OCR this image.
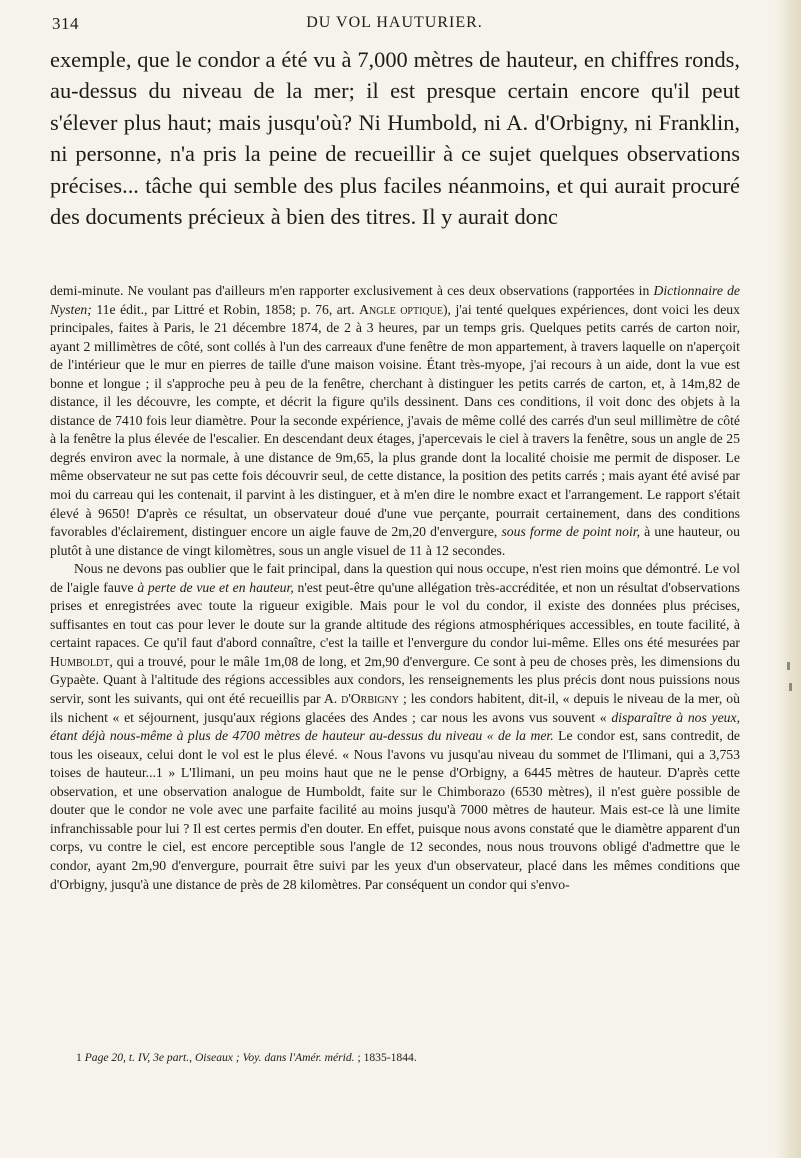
314	DU VOL HAUTURIER.

exemple, que le condor a été vu à 7,000 mètres de hauteur, en chiffres ronds, au-dessus du niveau de la mer; il est presque certain encore qu'il peut s'élever plus haut; mais jusqu'où? Ni Humbold, ni A. d'Orbigny, ni Franklin, ni personne, n'a pris la peine de recueillir à ce sujet quelques observations précises... tâche qui semble des plus faciles néanmoins, et qui aurait procuré des documents précieux à bien des titres. Il y aurait donc

demi-minute. Ne voulant pas d'ailleurs m'en rapporter exclusivement à ces deux observations (rapportées in Dictionnaire de Nysten; 11e édit., par Littré et Robin, 1858; p. 76, art. Angle optique), j'ai tenté quelques expériences, dont voici les deux principales, faites à Paris, le 21 décembre 1874, de 2 à 3 heures, par un temps gris. Quelques petits carrés de carton noir, ayant 2 millimètres de côté, sont collés à l'un des carreaux d'une fenêtre de mon appartement, à travers laquelle on n'aperçoit de l'intérieur que le mur en pierres de taille d'une maison voisine. Étant très-myope, j'ai recours à un aide, dont la vue est bonne et longue ; il s'approche peu à peu de la fenêtre, cherchant à distinguer les petits carrés de carton, et, à 14m,82 de distance, il les découvre, les compte, et décrit la figure qu'ils dessinent. Dans ces conditions, il voit donc des objets à la distance de 7410 fois leur diamètre. Pour la seconde expérience, j'avais de même collé des carrés d'un seul millimètre de côté à la fenêtre la plus élevée de l'escalier. En descendant deux étages, j'apercevais le ciel à travers la fenêtre, sous un angle de 25 degrés environ avec la normale, à une distance de 9m,65, la plus grande dont la localité choisie me permit de disposer. Le même observateur ne sut pas cette fois découvrir seul, de cette distance, la position des petits carrés ; mais ayant été avisé par moi du carreau qui les contenait, il parvint à les distinguer, et à m'en dire le nombre exact et l'arrangement. Le rapport s'était élevé à 9650! D'après ce résultat, un observateur doué d'une vue perçante, pourrait certainement, dans des conditions favorables d'éclairement, distinguer encore un aigle fauve de 2m,20 d'envergure, sous forme de point noir, à une hauteur, ou plutôt à une distance de vingt kilomètres, sous un angle visuel de 11 à 12 secondes.

Nous ne devons pas oublier que le fait principal, dans la question qui nous occupe, n'est rien moins que démontré. Le vol de l'aigle fauve à perte de vue et en hauteur, n'est peut-être qu'une allégation très-accréditée, et non un résultat d'observations prises et enregistrées avec toute la rigueur exigible. Mais pour le vol du condor, il existe des données plus précises, suffisantes en tout cas pour lever le doute sur la grande altitude des régions atmosphériques accessibles, en toute facilité, à certaint rapaces. Ce qu'il faut d'abord connaître, c'est la taille et l'envergure du condor lui-même. Elles ons été mesurées par Humboldt, qui a trouvé, pour le mâle 1m,08 de long, et 2m,90 d'envergure. Ce sont à peu de choses près, les dimensions du Gypaète. Quant à l'altitude des régions accessibles aux condors, les renseignements les plus précis dont nous puissions nous servir, sont les suivants, qui ont été recueillis par A. d'Orbigny ; les condors habitent, dit-il, « depuis le niveau de la mer, où ils nichent « et séjournent, jusqu'aux régions glacées des Andes ; car nous les avons vus souvent « disparaître à nos yeux, étant déjà nous-même à plus de 4700 mètres de hauteur au-dessus du niveau « de la mer. Le condor est, sans contredit, de tous les oiseaux, celui dont le vol est le plus élevé. « Nous l'avons vu jusqu'au niveau du sommet de l'Ilimani, qui a 3,753 toises de hauteur...1 » L'Ilimani, un peu moins haut que ne le pense d'Orbigny, a 6445 mètres de hauteur. D'après cette observation, et une observation analogue de Humboldt, faite sur le Chimborazo (6530 mètres), il n'est guère possible de douter que le condor ne vole avec une parfaite facilité au moins jusqu'à 7000 mètres de hauteur. Mais est-ce là une limite infranchissable pour lui ? Il est certes permis d'en douter. En effet, puisque nous avons constaté que le diamètre apparent d'un corps, vu contre le ciel, est encore perceptible sous l'angle de 12 secondes, nous nous trouvons obligé d'admettre que le condor, ayant 2m,90 d'envergure, pourrait être suivi par les yeux d'un observateur, placé dans les mêmes conditions que d'Orbigny, jusqu'à une distance de près de 28 kilomètres. Par conséquent un condor qui s'envo-

1 Page 20, t. IV, 3e part., Oiseaux ; Voy. dans l'Amér. mérid. ; 1835-1844.
